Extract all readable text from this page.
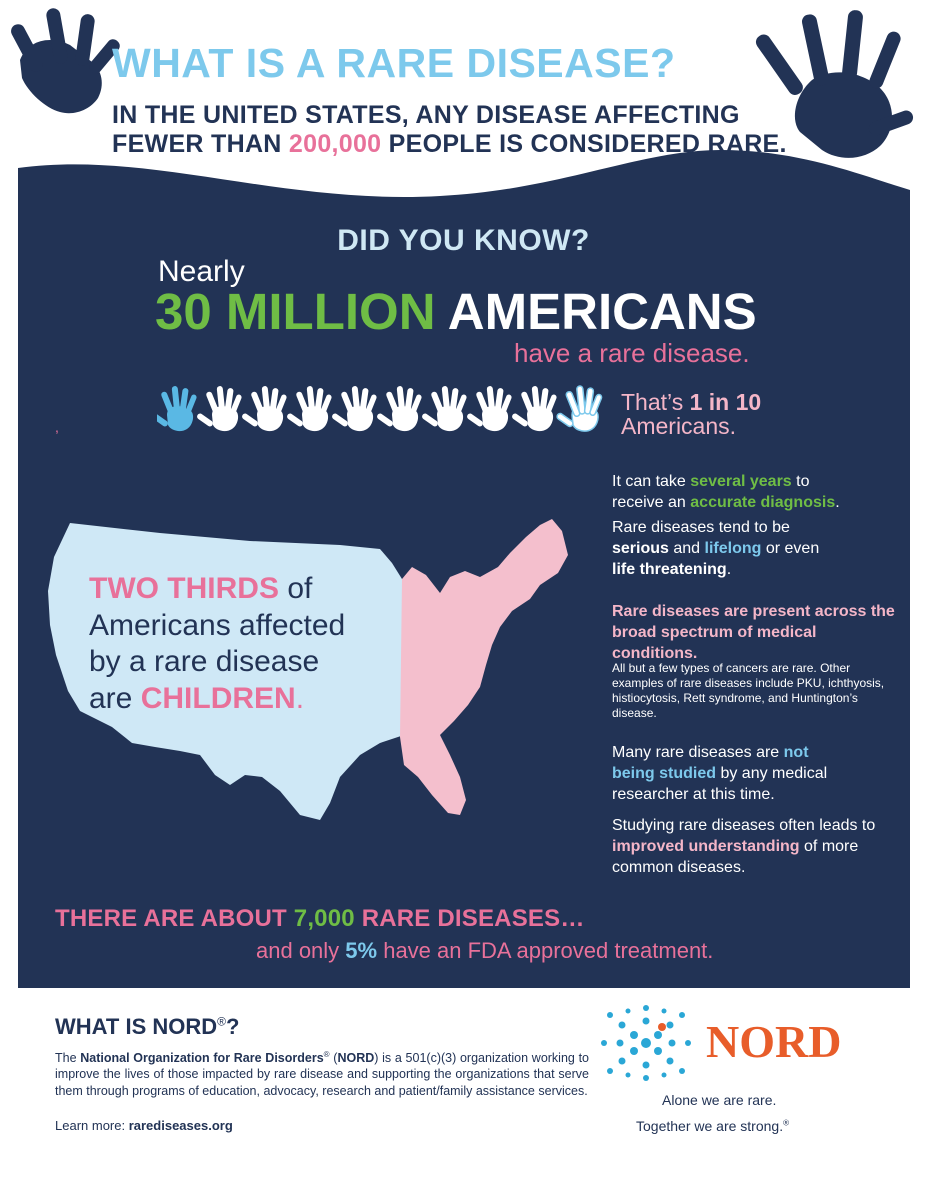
WHAT IS A RARE DISEASE?
IN THE UNITED STATES, ANY DISEASE AFFECTING
FEWER THAN 200,000 PEOPLE IS CONSIDERED RARE.
DID YOU KNOW?
Nearly
30 MILLION AMERICANS
have a rare disease.
,
That’s 1 in 10
Americans.
TWO THIRDS of
Americans affected
by a rare disease
are CHILDREN.
It can take several years to
receive an accurate diagnosis.
Rare diseases tend to be
serious and lifelong or even
life threatening.
Rare diseases are present across the broad spectrum of medical conditions.
All but a few types of cancers are rare. Other examples of rare diseases include PKU, ichthyosis, histiocytosis, Rett syndrome, and Huntington’s disease.
Many rare diseases are not
being studied by any medical researcher at this time.
Studying rare diseases often leads to improved understanding of more common diseases.
THERE ARE ABOUT 7,000 RARE DISEASES…
and only 5% have an FDA approved treatment.
WHAT IS NORD®?
The National Organization for Rare Disorders® (NORD) is a 501(c)(3) organization working to improve the lives of those impacted by rare disease and supporting the organizations that serve them through programs of education, advocacy, research and patient/family assistance services.
Learn more: rarediseases.org
NORD
Alone we are rare.
Together we are strong.®
